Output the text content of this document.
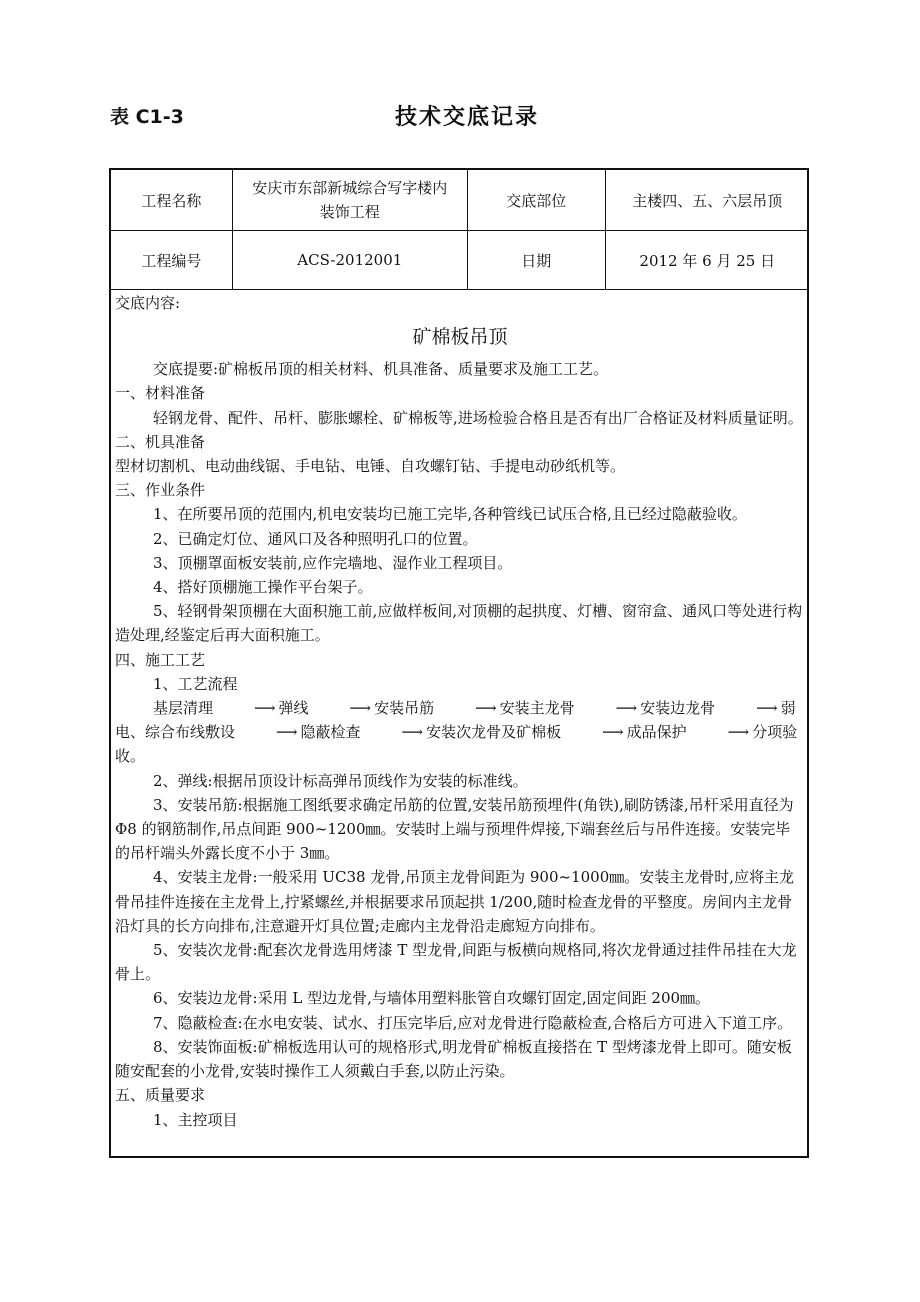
表 C1-3	技术交底记录
工程名称	安庆市东部新城综合写字楼内装饰工程	交底部位	主楼四、五、六层吊顶
工程编号	ACS-2012001	日期	2012 年 6 月 25 日

交底内容:

矿棉板吊顶

交底提要:矿棉板吊顶的相关材料、机具准备、质量要求及施工工艺。

一、材料准备

轻钢龙骨、配件、吊杆、膨胀螺栓、矿棉板等,进场检验合格且是否有出厂合格证及材料质量证明。

二、机具准备

型材切割机、电动曲线锯、手电钻、电锤、自攻螺钉钻、手提电动砂纸机等。

三、作业条件

1、在所要吊顶的范围内,机电安装均已施工完毕,各种管线已试压合格,且已经过隐蔽验收。

2、已确定灯位、通风口及各种照明孔口的位置。

3、顶棚罩面板安装前,应作完墙地、湿作业工程项目。

4、搭好顶棚施工操作平台架子。

5、轻钢骨架顶棚在大面积施工前,应做样板间,对顶棚的起拱度、灯槽、窗帘盒、通风口等处进行构造处理,经鉴定后再大面积施工。

四、施工工艺

1、工艺流程

基层清理	⟶ 弹线	⟶ 安装吊筋	⟶ 安装主龙骨	⟶ 安装边龙骨	⟶ 弱电、综合布线敷设	⟶ 隐蔽检查	⟶ 安装次龙骨及矿棉板	⟶ 成品保护	⟶ 分项验收。

2、弹线:根据吊顶设计标高弹吊顶线作为安装的标准线。

3、安装吊筋:根据施工图纸要求确定吊筋的位置,安装吊筋预埋件(角铁),刷防锈漆,吊杆采用直径为Φ8 的钢筋制作,吊点间距 900~1200㎜。安装时上端与预埋件焊接,下端套丝后与吊件连接。安装完毕的吊杆端头外露长度不小于 3㎜。

4、安装主龙骨:一般采用 UC38 龙骨,吊顶主龙骨间距为 900~1000㎜。安装主龙骨时,应将主龙骨吊挂件连接在主龙骨上,拧紧螺丝,并根据要求吊顶起拱 1/200,随时检查龙骨的平整度。房间内主龙骨沿灯具的长方向排布,注意避开灯具位置;走廊内主龙骨沿走廊短方向排布。

5、安装次龙骨:配套次龙骨选用烤漆 T 型龙骨,间距与板横向规格同,将次龙骨通过挂件吊挂在大龙骨上。

6、安装边龙骨:采用 L 型边龙骨,与墙体用塑料胀管自攻螺钉固定,固定间距 200㎜。

7、隐蔽检查:在水电安装、试水、打压完毕后,应对龙骨进行隐蔽检查,合格后方可进入下道工序。

8、安装饰面板:矿棉板选用认可的规格形式,明龙骨矿棉板直接搭在 T 型烤漆龙骨上即可。随安板随安配套的小龙骨,安装时操作工人须戴白手套,以防止污染。

五、质量要求

1、主控项目
